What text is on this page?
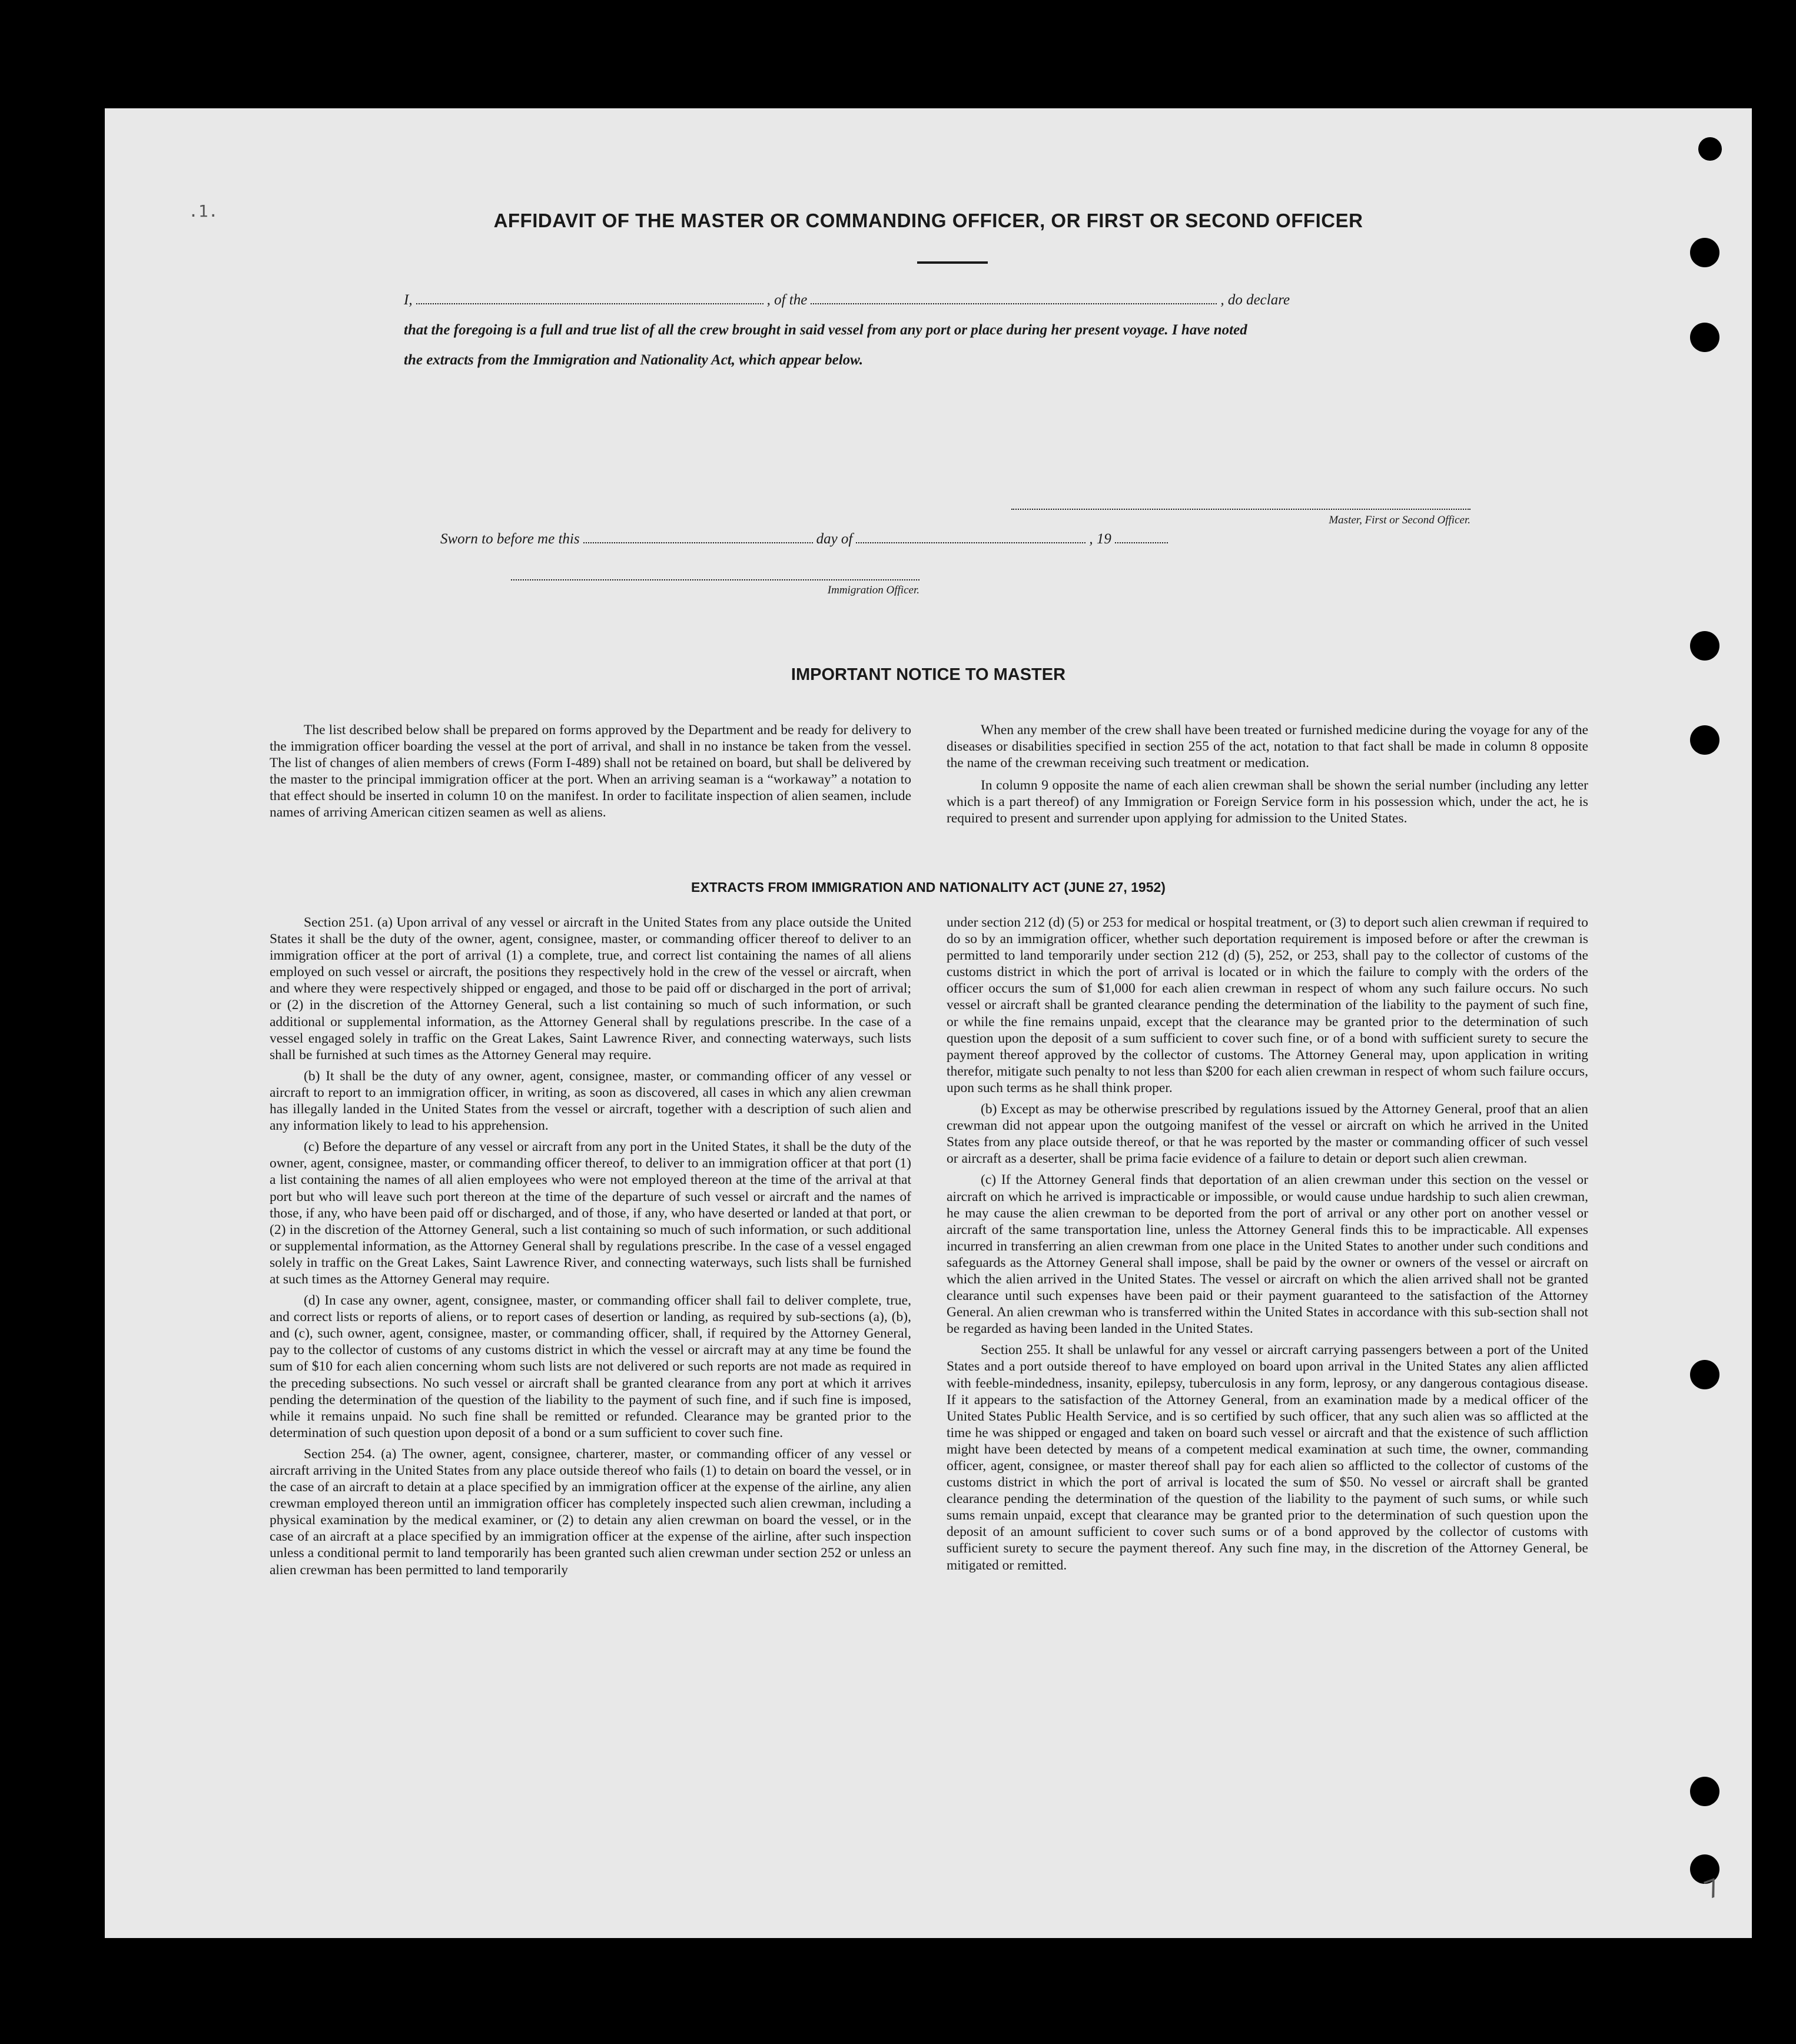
.1.
7
AFFIDAVIT OF THE MASTER OR COMMANDING OFFICER, OR FIRST OR SECOND OFFICER
I,	, of the	, do declare

that the foregoing is a full and true list of all the crew brought in said vessel from any port or place during her present voyage. I have noted

the extracts from the Immigration and Nationality Act, which appear below.

Master, First or Second Officer.
Sworn to before me this	day of	, 19
Immigration Officer.
IMPORTANT NOTICE TO MASTER

The list described below shall be prepared on forms approved by the Department and be ready for delivery to the immigration officer boarding the vessel at the port of arrival, and shall in no instance be taken from the vessel. The list of changes of alien members of crews (Form I-489) shall not be retained on board, but shall be delivered by the master to the principal immigration officer at the port. When an arriving seaman is a “workaway” a notation to that effect should be inserted in column 10 on the manifest. In order to facilitate inspection of alien seamen, include names of arriving American citizen seamen as well as aliens.

When any member of the crew shall have been treated or furnished medicine during the voyage for any of the diseases or disabilities specified in section 255 of the act, notation to that fact shall be made in column 8 opposite the name of the crewman receiving such treatment or medication.

In column 9 opposite the name of each alien crewman shall be shown the serial number (including any letter which is a part thereof) of any Immigration or Foreign Service form in his possession which, under the act, he is required to present and surrender upon applying for admission to the United States.

EXTRACTS FROM IMMIGRATION AND NATIONALITY ACT (JUNE 27, 1952)

Section 251. (a) Upon arrival of any vessel or aircraft in the United States from any place outside the United States it shall be the duty of the owner, agent, consignee, master, or commanding officer thereof to deliver to an immigration officer at the port of arrival (1) a complete, true, and correct list containing the names of all aliens employed on such vessel or aircraft, the positions they respectively hold in the crew of the vessel or aircraft, when and where they were respectively shipped or engaged, and those to be paid off or discharged in the port of arrival; or (2) in the discretion of the Attorney General, such a list containing so much of such information, or such additional or supplemental information, as the Attorney General shall by regulations prescribe. In the case of a vessel engaged solely in traffic on the Great Lakes, Saint Lawrence River, and connecting waterways, such lists shall be furnished at such times as the Attorney General may require.

(b) It shall be the duty of any owner, agent, consignee, master, or commanding officer of any vessel or aircraft to report to an immigration officer, in writing, as soon as discovered, all cases in which any alien crewman has illegally landed in the United States from the vessel or aircraft, together with a description of such alien and any information likely to lead to his apprehension.

(c) Before the departure of any vessel or aircraft from any port in the United States, it shall be the duty of the owner, agent, consignee, master, or commanding officer thereof, to deliver to an immigration officer at that port (1) a list containing the names of all alien employees who were not employed thereon at the time of the arrival at that port but who will leave such port thereon at the time of the departure of such vessel or aircraft and the names of those, if any, who have been paid off or discharged, and of those, if any, who have deserted or landed at that port, or (2) in the discretion of the Attorney General, such a list containing so much of such information, or such additional or supplemental information, as the Attorney General shall by regulations prescribe. In the case of a vessel engaged solely in traffic on the Great Lakes, Saint Lawrence River, and connecting waterways, such lists shall be furnished at such times as the Attorney General may require.

(d) In case any owner, agent, consignee, master, or commanding officer shall fail to deliver complete, true, and correct lists or reports of aliens, or to report cases of desertion or landing, as required by sub-sections (a), (b), and (c), such owner, agent, consignee, master, or commanding officer, shall, if required by the Attorney General, pay to the collector of customs of any customs district in which the vessel or aircraft may at any time be found the sum of $10 for each alien concerning whom such lists are not delivered or such reports are not made as required in the preceding subsections. No such vessel or aircraft shall be granted clearance from any port at which it arrives pending the determination of the question of the liability to the payment of such fine, and if such fine is imposed, while it remains unpaid. No such fine shall be remitted or refunded. Clearance may be granted prior to the determination of such question upon deposit of a bond or a sum sufficient to cover such fine.

Section 254. (a) The owner, agent, consignee, charterer, master, or commanding officer of any vessel or aircraft arriving in the United States from any place outside thereof who fails (1) to detain on board the vessel, or in the case of an aircraft to detain at a place specified by an immigration officer at the expense of the airline, any alien crewman employed thereon until an immigration officer has completely inspected such alien crewman, including a physical examination by the medical examiner, or (2) to detain any alien crewman on board the vessel, or in the case of an aircraft at a place specified by an immigration officer at the expense of the airline, after such inspection unless a conditional permit to land temporarily has been granted such alien crewman under section 252 or unless an alien crewman has been permitted to land temporarily

under section 212 (d) (5) or 253 for medical or hospital treatment, or (3) to deport such alien crewman if required to do so by an immigration officer, whether such deportation requirement is imposed before or after the crewman is permitted to land temporarily under section 212 (d) (5), 252, or 253, shall pay to the collector of customs of the customs district in which the port of arrival is located or in which the failure to comply with the orders of the officer occurs the sum of $1,000 for each alien crewman in respect of whom any such failure occurs. No such vessel or aircraft shall be granted clearance pending the determination of the liability to the payment of such fine, or while the fine remains unpaid, except that the clearance may be granted prior to the determination of such question upon the deposit of a sum sufficient to cover such fine, or of a bond with sufficient surety to secure the payment thereof approved by the collector of customs. The Attorney General may, upon application in writing therefor, mitigate such penalty to not less than $200 for each alien crewman in respect of whom such failure occurs, upon such terms as he shall think proper.

(b) Except as may be otherwise prescribed by regulations issued by the Attorney General, proof that an alien crewman did not appear upon the outgoing manifest of the vessel or aircraft on which he arrived in the United States from any place outside thereof, or that he was reported by the master or commanding officer of such vessel or aircraft as a deserter, shall be prima facie evidence of a failure to detain or deport such alien crewman.

(c) If the Attorney General finds that deportation of an alien crewman under this section on the vessel or aircraft on which he arrived is impracticable or impossible, or would cause undue hardship to such alien crewman, he may cause the alien crewman to be deported from the port of arrival or any other port on another vessel or aircraft of the same transportation line, unless the Attorney General finds this to be impracticable. All expenses incurred in transferring an alien crewman from one place in the United States to another under such conditions and safeguards as the Attorney General shall impose, shall be paid by the owner or owners of the vessel or aircraft on which the alien arrived in the United States. The vessel or aircraft on which the alien arrived shall not be granted clearance until such expenses have been paid or their payment guaranteed to the satisfaction of the Attorney General. An alien crewman who is transferred within the United States in accordance with this sub-section shall not be regarded as having been landed in the United States.

Section 255. It shall be unlawful for any vessel or aircraft carrying passengers between a port of the United States and a port outside thereof to have employed on board upon arrival in the United States any alien afflicted with feeble-mindedness, insanity, epilepsy, tuberculosis in any form, leprosy, or any dangerous contagious disease. If it appears to the satisfaction of the Attorney General, from an examination made by a medical officer of the United States Public Health Service, and is so certified by such officer, that any such alien was so afflicted at the time he was shipped or engaged and taken on board such vessel or aircraft and that the existence of such affliction might have been detected by means of a competent medical examination at such time, the owner, commanding officer, agent, consignee, or master thereof shall pay for each alien so afflicted to the collector of customs of the customs district in which the port of arrival is located the sum of $50. No vessel or aircraft shall be granted clearance pending the determination of the question of the liability to the payment of such sums, or while such sums remain unpaid, except that clearance may be granted prior to the determination of such question upon the deposit of an amount sufficient to cover such sums or of a bond approved by the collector of customs with sufficient surety to secure the payment thereof. Any such fine may, in the discretion of the Attorney General, be mitigated or remitted.
